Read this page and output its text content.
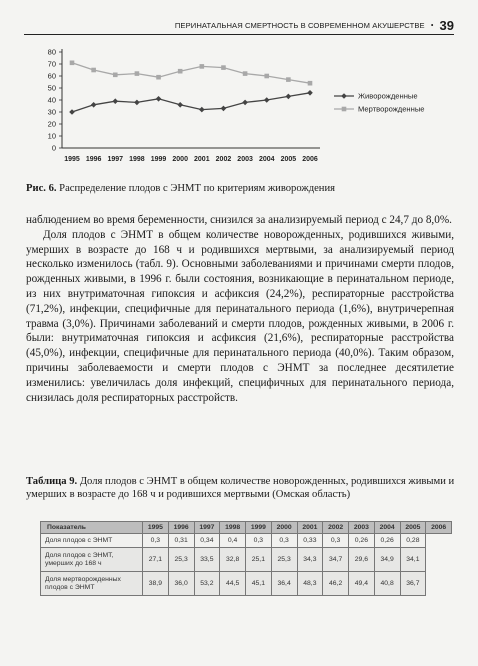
ПЕРИНАТАЛЬНАЯ СМЕРТНОСТЬ В СОВРЕМЕННОМ АКУШЕРСТВЕ • 39
0
10
20
30
40
50
60
70
80
1995 1996 1997 1998 1999 2000 2001 2002 2003 2004 2005 2006
Живорожденные
Мертворожденные
Рис. 6. Распределение плодов с ЭНМТ по критериям живорождения

наблюдением во время беременности, снизился за анализируемый период с 24,7 до 8,0%.

Доля плодов с ЭНМТ в общем количестве новорожденных, родившихся живыми, умерших в возрасте до 168 ч и родившихся мертвыми, за анализируемый период несколько изменилось (табл. 9). Основными заболеваниями и причинами смерти плодов, рожденных живыми, в 1996 г. были состояния, возникающие в перинатальном периоде, из них внутриматочная гипоксия и асфиксия (24,2%), респираторные расстройства (71,2%), инфекции, специфичные для перинатального периода (1,6%), внутричерепная травма (3,0%). Причинами заболеваний и смерти плодов, рожденных живыми, в 2006 г. были: внутриматочная гипоксия и асфиксия (21,6%), респираторные расстройства (45,0%), инфекции, специфичные для перинатального периода (40,0%). Таким образом, причины заболеваемости и смерти плодов с ЭНМТ за последнее десятилетие изменились: увеличилась доля инфекций, специфичных для перинатального периода, снизилась доля респираторных расстройств.

Таблица 9. Доля плодов с ЭНМТ в общем количестве новорожденных, родившихся живыми и умерших в возрасте до 168 ч и родившихся мертвыми (Омская область)
Показатель	1995	1996	1997	1998	1999	2000	2001	2002	2003	2004	2005	2006
Доля плодов с ЭНМТ	0,3	0,31	0,34	0,4	0,3	0,3	0,33	0,3	0,26	0,26	0,28	
Доля плодов с ЭНМТ, умерших до 168 ч	27,1	25,3	33,5	32,8	25,1	25,3	34,3	34,7	29,6	34,9	34,1	
Доля мертворожденных плодов с ЭНМТ	38,9	36,0	53,2	44,5	45,1	36,4	48,3	46,2	49,4	40,8	36,7	
